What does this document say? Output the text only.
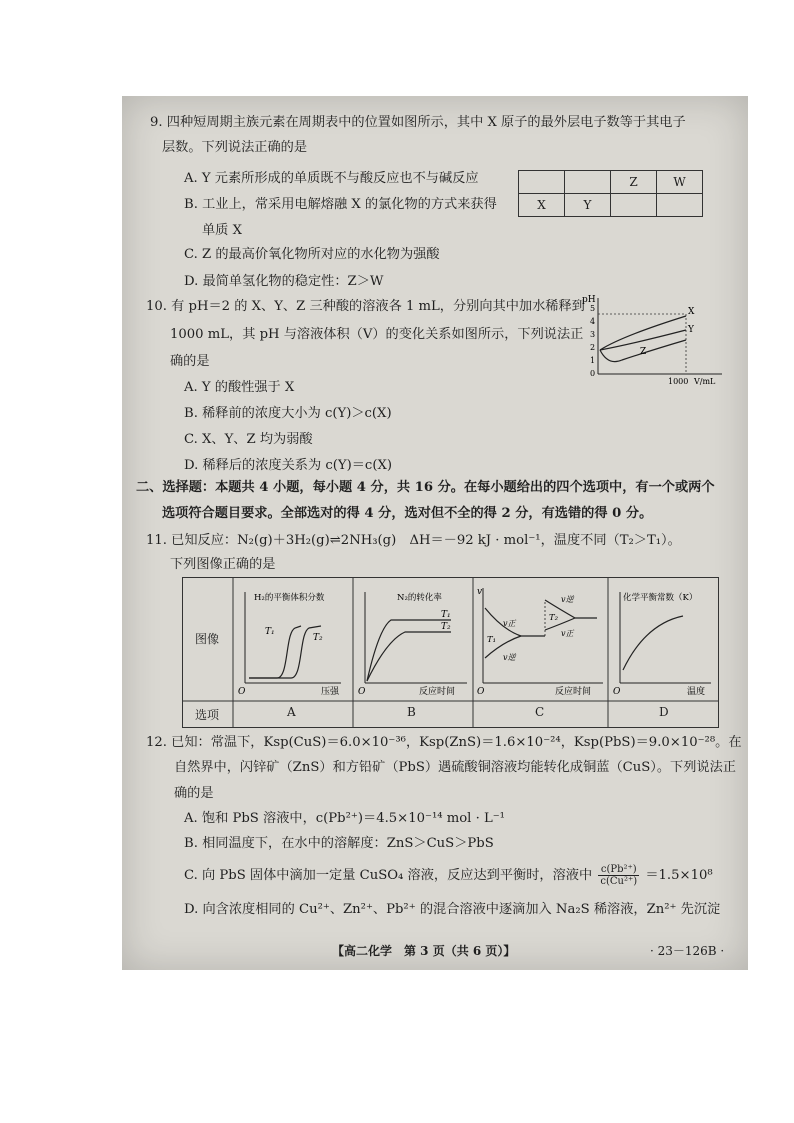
9. 四种短周期主族元素在周期表中的位置如图所示，其中 X 原子的最外层电子数等于其电子
层数。下列说法正确的是
A. Y 元素所形成的单质既不与酸反应也不与碱反应
B. 工业上，常采用电解熔融 X 的氯化物的方式来获得
单质 X
C. Z 的最高价氧化物所对应的水化物为强酸
D. 最简单氢化物的稳定性：Z＞W
		Z	W
X	Y		
10. 有 pH＝2 的 X、Y、Z 三种酸的溶液各 1 mL，分别向其中加水稀释到
1000 mL，其 pH 与溶液体积（V）的变化关系如图所示，下列说法正
确的是
A. Y 的酸性强于 X
B. 稀释前的浓度大小为 c(Y)＞c(X)
C. X、Y、Z 均为弱酸
D. 稀释后的浓度关系为 c(Y)＝c(X)
pH
5
4
3
2
1
0
X
Y
Z
1000 V/mL
二、选择题：本题共 4 小题，每小题 4 分，共 16 分。在每小题给出的四个选项中，有一个或两个
选项符合题目要求。全部选对的得 4 分，选对但不全的得 2 分，有选错的得 0 分。
11. 已知反应：N₂(g)＋3H₂(g)⇌2NH₃(g)　ΔH＝－92 kJ · mol⁻¹，温度不同（T₂＞T₁）。
下列图像正确的是
H₂的平衡体积分数
T₁
T₂
O	压强
N₂的转化率
T₁
T₂
O	反应时间
v
v正
v逆
T₁
T₂
v逆
v正
O	反应时间
化学平衡常数（K）
O	温度
图像
选项	A	B	C	D
12. 已知：常温下，Ksp(CuS)＝6.0×10⁻³⁶，Ksp(ZnS)＝1.6×10⁻²⁴，Ksp(PbS)＝9.0×10⁻²⁸。在
自然界中，闪锌矿（ZnS）和方铅矿（PbS）遇硫酸铜溶液均能转化成铜蓝（CuS）。下列说法正
确的是
A. 饱和 PbS 溶液中，c(Pb²⁺)＝4.5×10⁻¹⁴ mol · L⁻¹
B. 相同温度下，在水中的溶解度：ZnS＞CuS＞PbS
C. 向 PbS 固体中滴加一定量 CuSO₄ 溶液，反应达到平衡时，溶液中 $\frac{\text{c(Pb²⁺)}}{\text{c(Cu²⁺)}} =1.5\times 10^8$
D. 向含浓度相同的 Cu²⁺、Zn²⁺、Pb²⁺ 的混合溶液中逐滴加入 Na₂S 稀溶液，Zn²⁺ 先沉淀
【高二化学　第 3 页（共 6 页）】	· 23－126B ·
